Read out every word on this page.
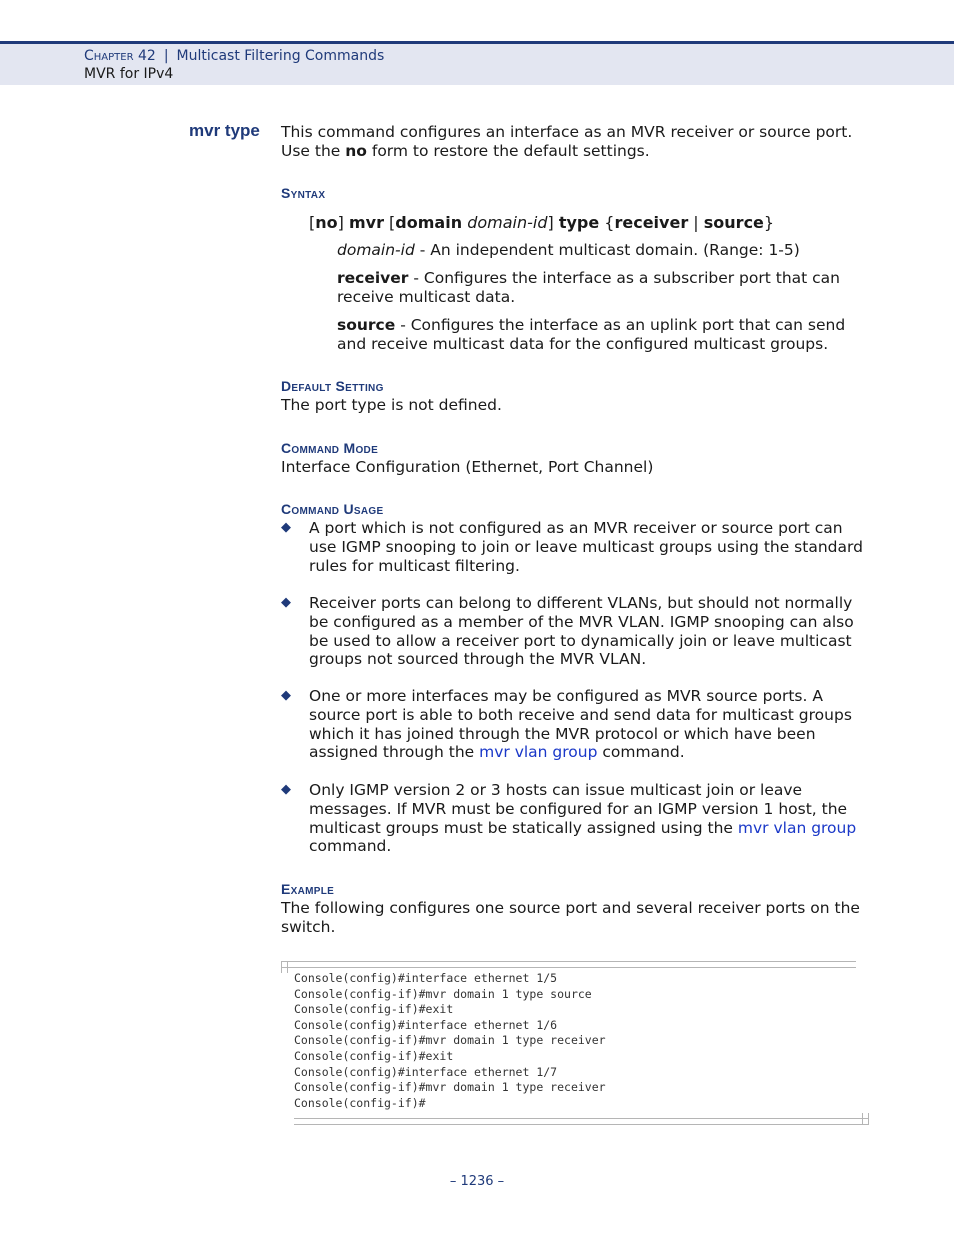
Chapter 42 | Multicast Filtering Commands
MVR for IPv4
mvr type This command configures an interface as an MVR receiver or source port. Use the no form to restore the default settings.
Syntax
[no] mvr [domain domain-id] type {receiver | source}
domain-id - An independent multicast domain. (Range: 1-5)
receiver - Configures the interface as a subscriber port that can receive multicast data.
source - Configures the interface as an uplink port that can send and receive multicast data for the configured multicast groups.
Default Setting
The port type is not defined.
Command Mode
Interface Configuration (Ethernet, Port Channel)
Command Usage
◆ A port which is not configured as an MVR receiver or source port can use IGMP snooping to join or leave multicast groups using the standard rules for multicast filtering.
◆ Receiver ports can belong to different VLANs, but should not normally be configured as a member of the MVR VLAN. IGMP snooping can also be used to allow a receiver port to dynamically join or leave multicast groups not sourced through the MVR VLAN.
◆ One or more interfaces may be configured as MVR source ports. A source port is able to both receive and send data for multicast groups which it has joined through the MVR protocol or which have been assigned through the mvr vlan group command.
◆ Only IGMP version 2 or 3 hosts can issue multicast join or leave messages. If MVR must be configured for an IGMP version 1 host, the multicast groups must be statically assigned using the mvr vlan group command.
Example
The following configures one source port and several receiver ports on the switch.
Console(config)#interface ethernet 1/5
Console(config-if)#mvr domain 1 type source
Console(config-if)#exit
Console(config)#interface ethernet 1/6
Console(config-if)#mvr domain 1 type receiver
Console(config-if)#exit
Console(config)#interface ethernet 1/7
Console(config-if)#mvr domain 1 type receiver
Console(config-if)#
– 1236 –
